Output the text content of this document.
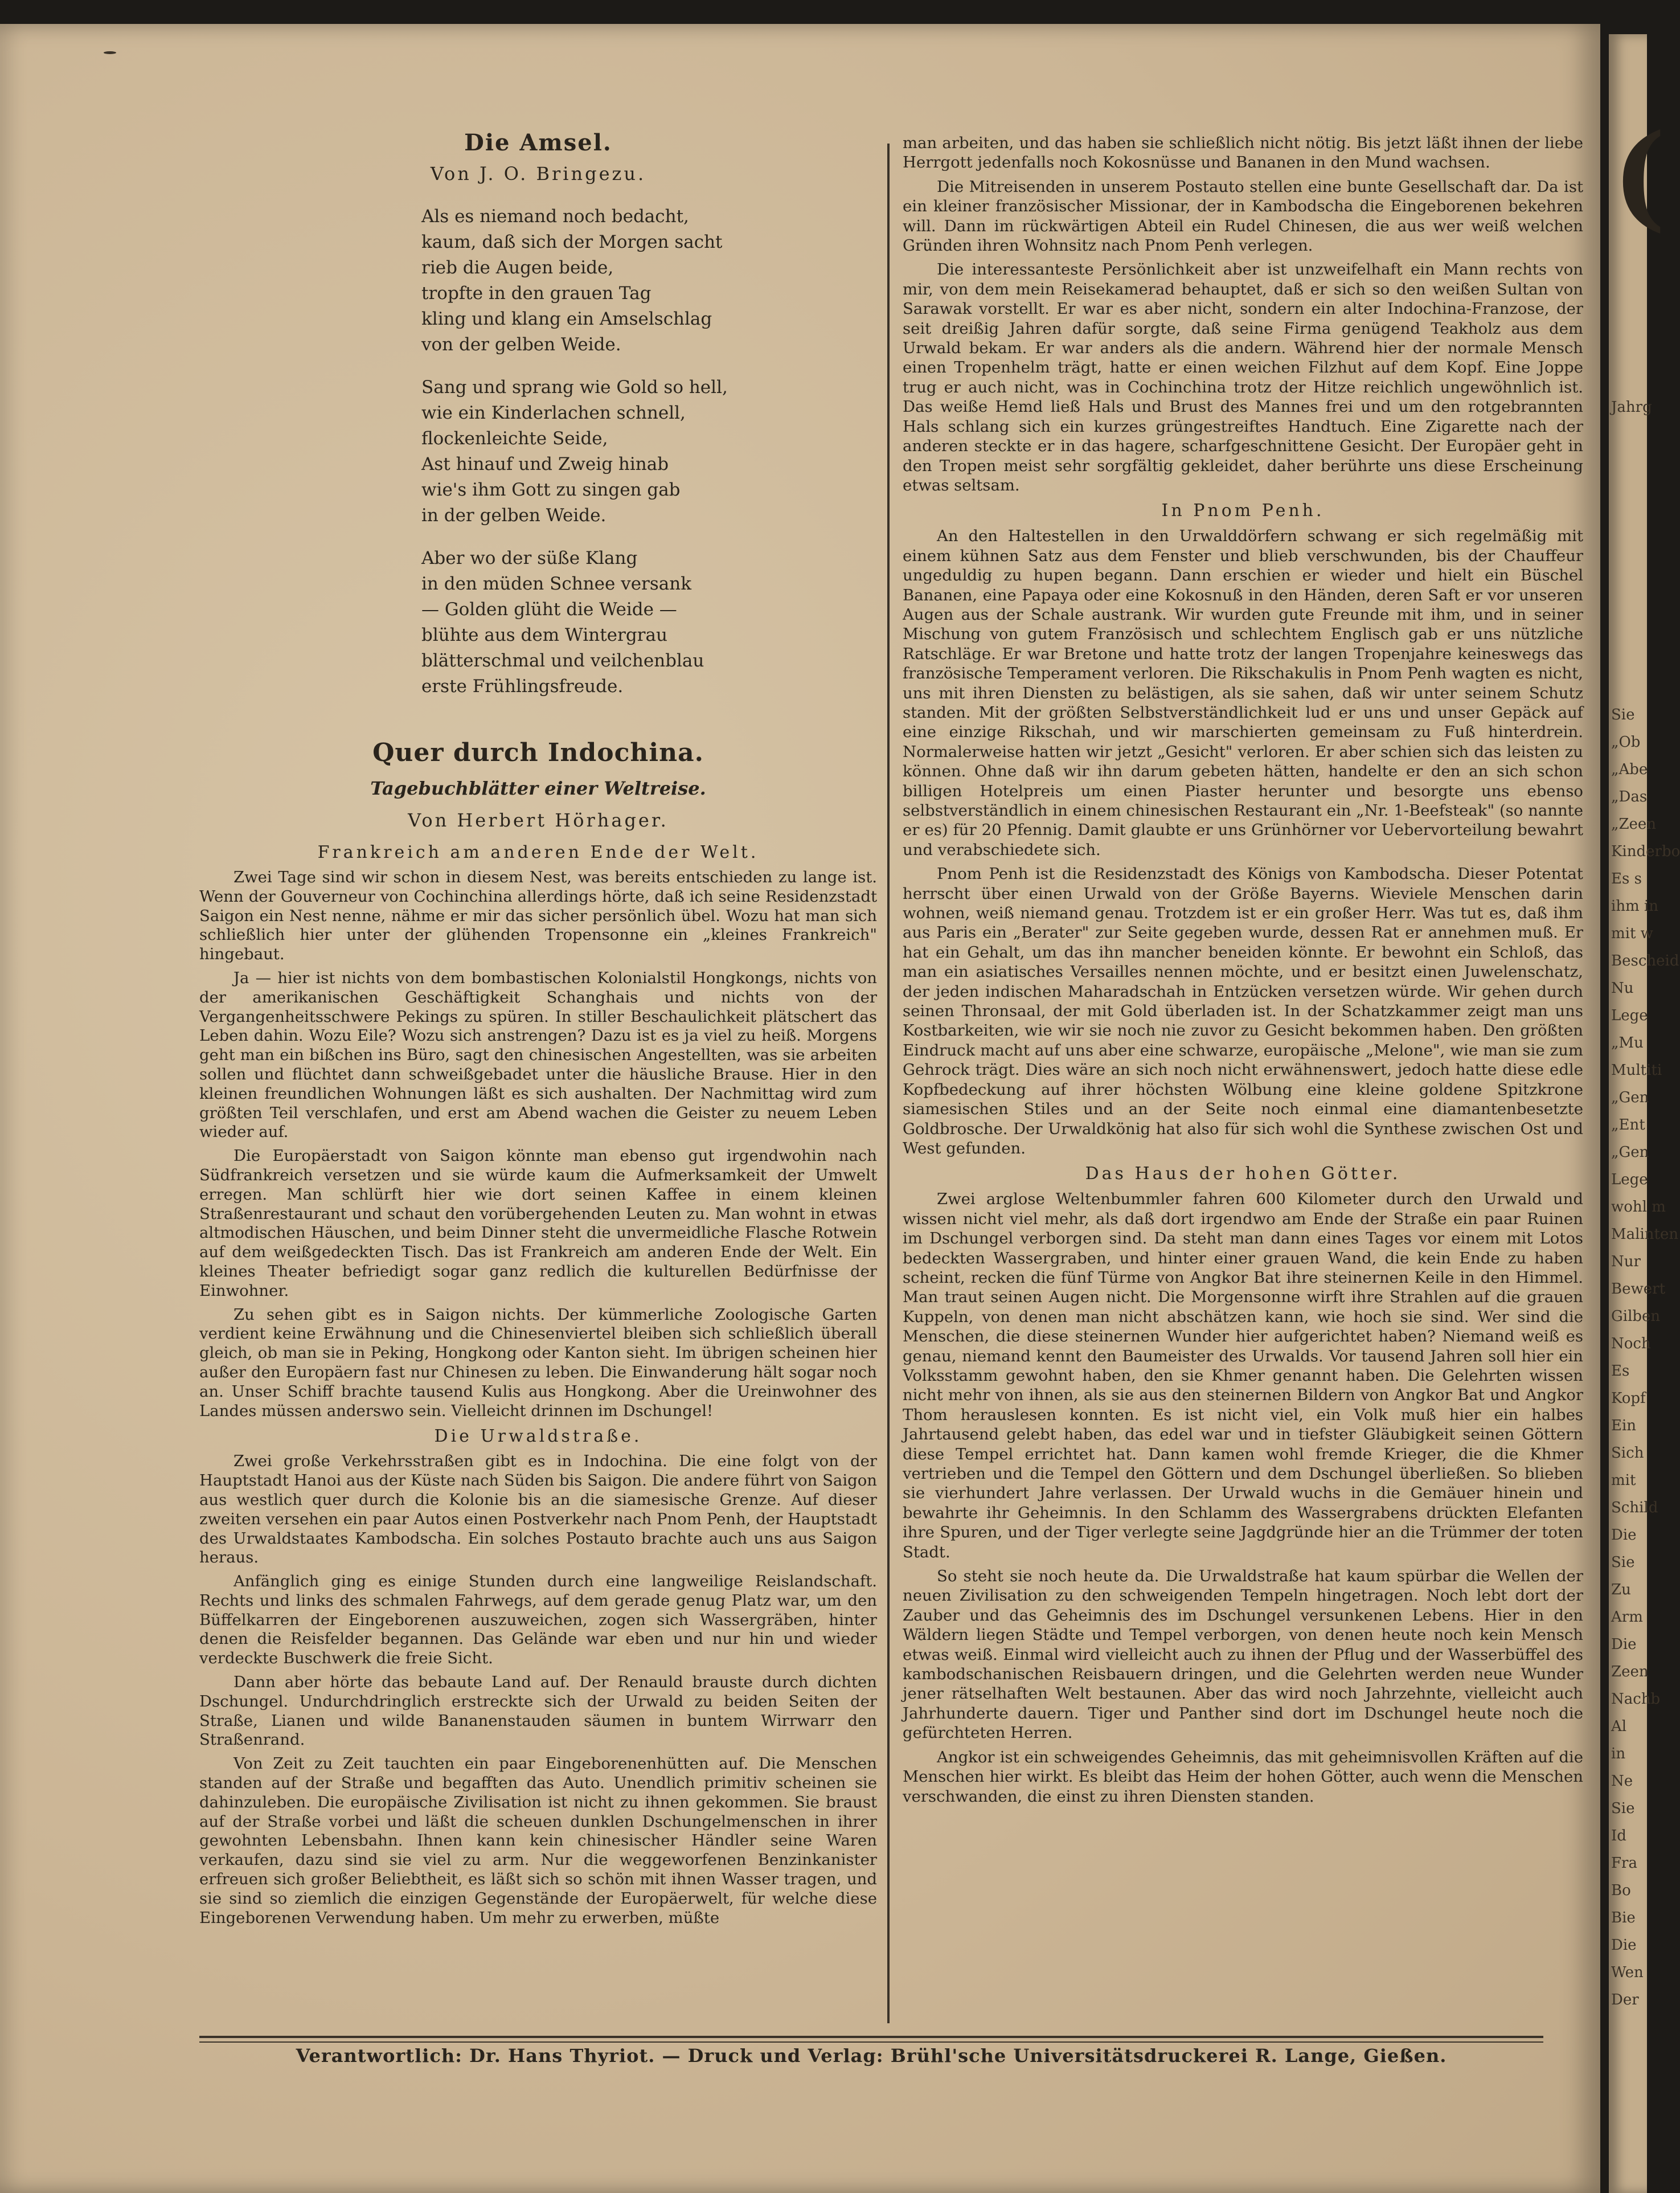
Die Amsel.
Von J. O. Bringezu.
Als es niemand noch bedacht,
kaum, daß sich der Morgen sacht
rieb die Augen beide,
tropfte in den grauen Tag
kling und klang ein Amselschlag
von der gelben Weide.
Sang und sprang wie Gold so hell,
wie ein Kinderlachen schnell,
flockenleichte Seide,
Ast hinauf und Zweig hinab
wie's ihm Gott zu singen gab
in der gelben Weide.
Aber wo der süße Klang
in den müden Schnee versank
— Golden glüht die Weide —
blühte aus dem Wintergrau
blätterschmal und veilchenblau
erste Frühlingsfreude.
Quer durch Indochina.
Tagebuchblätter einer Weltreise.
Von Herbert Hörhager.
Frankreich am anderen Ende der Welt.

Zwei Tage sind wir schon in diesem Nest, was bereits entschieden zu lange ist. Wenn der Gouverneur von Cochinchina allerdings hörte, daß ich seine Residenzstadt Saigon ein Nest nenne, nähme er mir das sicher persönlich übel. Wozu hat man sich schließlich hier unter der glühenden Tropensonne ein „kleines Frankreich" hingebaut.

Ja — hier ist nichts von dem bombastischen Kolonialstil Hongkongs, nichts von der amerikanischen Geschäftigkeit Schanghais und nichts von der Vergangenheitsschwere Pekings zu spüren. In stiller Beschaulichkeit plätschert das Leben dahin. Wozu Eile? Wozu sich anstrengen? Dazu ist es ja viel zu heiß. Morgens geht man ein bißchen ins Büro, sagt den chinesischen Angestellten, was sie arbeiten sollen und flüchtet dann schweißgebadet unter die häusliche Brause. Hier in den kleinen freundlichen Wohnungen läßt es sich aushalten. Der Nachmittag wird zum größten Teil verschlafen, und erst am Abend wachen die Geister zu neuem Leben wieder auf.

Die Europäerstadt von Saigon könnte man ebenso gut irgendwohin nach Südfrankreich versetzen und sie würde kaum die Aufmerksamkeit der Umwelt erregen. Man schlürft hier wie dort seinen Kaffee in einem kleinen Straßenrestaurant und schaut den vorübergehenden Leuten zu. Man wohnt in etwas altmodischen Häuschen, und beim Dinner steht die unvermeidliche Flasche Rotwein auf dem weißgedeckten Tisch. Das ist Frankreich am anderen Ende der Welt. Ein kleines Theater befriedigt sogar ganz redlich die kulturellen Bedürfnisse der Einwohner.

Zu sehen gibt es in Saigon nichts. Der kümmerliche Zoologische Garten verdient keine Erwähnung und die Chinesenviertel bleiben sich schließlich überall gleich, ob man sie in Peking, Hongkong oder Kanton sieht. Im übrigen scheinen hier außer den Europäern fast nur Chinesen zu leben. Die Einwanderung hält sogar noch an. Unser Schiff brachte tausend Kulis aus Hongkong. Aber die Ureinwohner des Landes müssen anderswo sein. Vielleicht drinnen im Dschungel!

Die Urwaldstraße.

Zwei große Verkehrsstraßen gibt es in Indochina. Die eine folgt von der Hauptstadt Hanoi aus der Küste nach Süden bis Saigon. Die andere führt von Saigon aus westlich quer durch die Kolonie bis an die siamesische Grenze. Auf dieser zweiten versehen ein paar Autos einen Postverkehr nach Pnom Penh, der Hauptstadt des Urwaldstaates Kambodscha. Ein solches Postauto brachte auch uns aus Saigon heraus.

Anfänglich ging es einige Stunden durch eine langweilige Reislandschaft. Rechts und links des schmalen Fahrwegs, auf dem gerade genug Platz war, um den Büffelkarren der Eingeborenen auszuweichen, zogen sich Wassergräben, hinter denen die Reisfelder begannen. Das Gelände war eben und nur hin und wieder verdeckte Buschwerk die freie Sicht.

Dann aber hörte das bebaute Land auf. Der Renauld brauste durch dichten Dschungel. Undurchdringlich erstreckte sich der Urwald zu beiden Seiten der Straße, Lianen und wilde Bananenstauden säumen in buntem Wirrwarr den Straßenrand.

Von Zeit zu Zeit tauchten ein paar Eingeborenenhütten auf. Die Menschen standen auf der Straße und begafften das Auto. Unendlich primitiv scheinen sie dahinzuleben. Die europäische Zivilisation ist nicht zu ihnen gekommen. Sie braust auf der Straße vorbei und läßt die scheuen dunklen Dschungelmenschen in ihrer gewohnten Lebensbahn. Ihnen kann kein chinesischer Händler seine Waren verkaufen, dazu sind sie viel zu arm. Nur die weggeworfenen Benzinkanister erfreuen sich großer Beliebtheit, es läßt sich so schön mit ihnen Wasser tragen, und sie sind so ziemlich die einzigen Gegenstände der Europäerwelt, für welche diese Eingeborenen Verwendung haben. Um mehr zu erwerben, müßte

man arbeiten, und das haben sie schließlich nicht nötig. Bis jetzt läßt ihnen der liebe Herrgott jedenfalls noch Kokosnüsse und Bananen in den Mund wachsen.

Die Mitreisenden in unserem Postauto stellen eine bunte Gesellschaft dar. Da ist ein kleiner französischer Missionar, der in Kambodscha die Eingeborenen bekehren will. Dann im rückwärtigen Abteil ein Rudel Chinesen, die aus wer weiß welchen Gründen ihren Wohnsitz nach Pnom Penh verlegen.

Die interessanteste Persönlichkeit aber ist unzweifelhaft ein Mann rechts von mir, von dem mein Reisekamerad behauptet, daß er sich so den weißen Sultan von Sarawak vorstellt. Er war es aber nicht, sondern ein alter Indochina-Franzose, der seit dreißig Jahren dafür sorgte, daß seine Firma genügend Teakholz aus dem Urwald bekam. Er war anders als die andern. Während hier der normale Mensch einen Tropenhelm trägt, hatte er einen weichen Filzhut auf dem Kopf. Eine Joppe trug er auch nicht, was in Cochinchina trotz der Hitze reichlich ungewöhnlich ist. Das weiße Hemd ließ Hals und Brust des Mannes frei und um den rotgebrannten Hals schlang sich ein kurzes grüngestreiftes Handtuch. Eine Zigarette nach der anderen steckte er in das hagere, scharfgeschnittene Gesicht. Der Europäer geht in den Tropen meist sehr sorgfältig gekleidet, daher berührte uns diese Erscheinung etwas seltsam.

In Pnom Penh.

An den Haltestellen in den Urwalddörfern schwang er sich regelmäßig mit einem kühnen Satz aus dem Fenster und blieb verschwunden, bis der Chauffeur ungeduldig zu hupen begann. Dann erschien er wieder und hielt ein Büschel Bananen, eine Papaya oder eine Kokosnuß in den Händen, deren Saft er vor unseren Augen aus der Schale austrank. Wir wurden gute Freunde mit ihm, und in seiner Mischung von gutem Französisch und schlechtem Englisch gab er uns nützliche Ratschläge. Er war Bretone und hatte trotz der langen Tropenjahre keineswegs das französische Temperament verloren. Die Rikschakulis in Pnom Penh wagten es nicht, uns mit ihren Diensten zu belästigen, als sie sahen, daß wir unter seinem Schutz standen. Mit der größten Selbstverständlichkeit lud er uns und unser Gepäck auf eine einzige Rikschah, und wir marschierten gemeinsam zu Fuß hinterdrein. Normalerweise hatten wir jetzt „Gesicht" verloren. Er aber schien sich das leisten zu können. Ohne daß wir ihn darum gebeten hätten, handelte er den an sich schon billigen Hotelpreis um einen Piaster herunter und besorgte uns ebenso selbstverständlich in einem chinesischen Restaurant ein „Nr. 1-Beefsteak" (so nannte er es) für 20 Pfennig. Damit glaubte er uns Grünhörner vor Uebervorteilung bewahrt und verabschiedete sich.

Pnom Penh ist die Residenzstadt des Königs von Kambodscha. Dieser Potentat herrscht über einen Urwald von der Größe Bayerns. Wieviele Menschen darin wohnen, weiß niemand genau. Trotzdem ist er ein großer Herr. Was tut es, daß ihm aus Paris ein „Berater" zur Seite gegeben wurde, dessen Rat er annehmen muß. Er hat ein Gehalt, um das ihn mancher beneiden könnte. Er bewohnt ein Schloß, das man ein asiatisches Versailles nennen möchte, und er besitzt einen Juwelenschatz, der jeden indischen Maharadschah in Entzücken versetzen würde. Wir gehen durch seinen Thronsaal, der mit Gold überladen ist. In der Schatzkammer zeigt man uns Kostbarkeiten, wie wir sie noch nie zuvor zu Gesicht bekommen haben. Den größten Eindruck macht auf uns aber eine schwarze, europäische „Melone", wie man sie zum Gehrock trägt. Dies wäre an sich noch nicht erwähnenswert, jedoch hatte diese edle Kopfbedeckung auf ihrer höchsten Wölbung eine kleine goldene Spitzkrone siamesischen Stiles und an der Seite noch einmal eine diamantenbesetzte Goldbrosche. Der Urwaldkönig hat also für sich wohl die Synthese zwischen Ost und West gefunden.

Das Haus der hohen Götter.

Zwei arglose Weltenbummler fahren 600 Kilometer durch den Urwald und wissen nicht viel mehr, als daß dort irgendwo am Ende der Straße ein paar Ruinen im Dschungel verborgen sind. Da steht man dann eines Tages vor einem mit Lotos bedeckten Wassergraben, und hinter einer grauen Wand, die kein Ende zu haben scheint, recken die fünf Türme von Angkor Bat ihre steinernen Keile in den Himmel. Man traut seinen Augen nicht. Die Morgensonne wirft ihre Strahlen auf die grauen Kuppeln, von denen man nicht abschätzen kann, wie hoch sie sind. Wer sind die Menschen, die diese steinernen Wunder hier aufgerichtet haben? Niemand weiß es genau, niemand kennt den Baumeister des Urwalds. Vor tausend Jahren soll hier ein Volksstamm gewohnt haben, den sie Khmer genannt haben. Die Gelehrten wissen nicht mehr von ihnen, als sie aus den steinernen Bildern von Angkor Bat und Angkor Thom herauslesen konnten. Es ist nicht viel, ein Volk muß hier ein halbes Jahrtausend gelebt haben, das edel war und in tiefster Gläubigkeit seinen Göttern diese Tempel errichtet hat. Dann kamen wohl fremde Krieger, die die Khmer vertrieben und die Tempel den Göttern und dem Dschungel überließen. So blieben sie vierhundert Jahre verlassen. Der Urwald wuchs in die Gemäuer hinein und bewahrte ihr Geheimnis. In den Schlamm des Wassergrabens drückten Elefanten ihre Spuren, und der Tiger verlegte seine Jagdgründe hier an die Trümmer der toten Stadt.

So steht sie noch heute da. Die Urwaldstraße hat kaum spürbar die Wellen der neuen Zivilisation zu den schweigenden Tempeln hingetragen. Noch lebt dort der Zauber und das Geheimnis des im Dschungel versunkenen Lebens. Hier in den Wäldern liegen Städte und Tempel verborgen, von denen heute noch kein Mensch etwas weiß. Einmal wird vielleicht auch zu ihnen der Pflug und der Wasserbüffel des kambodschanischen Reisbauern dringen, und die Gelehrten werden neue Wunder jener rätselhaften Welt bestaunen. Aber das wird noch Jahrzehnte, vielleicht auch Jahrhunderte dauern. Tiger und Panther sind dort im Dschungel heute noch die gefürchteten Herren.

Angkor ist ein schweigendes Geheimnis, das mit geheimnisvollen Kräften auf die Menschen hier wirkt. Es bleibt das Heim der hohen Götter, auch wenn die Menschen verschwanden, die einst zu ihren Diensten standen.

Verantwortlich: Dr. Hans Thyriot. — Druck und Verlag: Brühl'sche Universitätsdruckerei R. Lange, Gießen.
(
Jahrg
Sie
„Ob
„Abe
„Das
„Zeen
Kinderbo
Es s
ihm in
mit w
Bescheid
Nu
Lege
„Mu
Multiti
„Gen
„Ent
„Gen
Lege
wohl m
Malinten
Nur
Bewert
Gilben
Noch
Es
Kopf
Ein
Sich
mit
Schild
Die
Sie
Zu
Arm
Die
Zeen
Nachb
Al
in
Ne
Sie
Id
Fra
Bo
Bie
Die
Wen
Der
